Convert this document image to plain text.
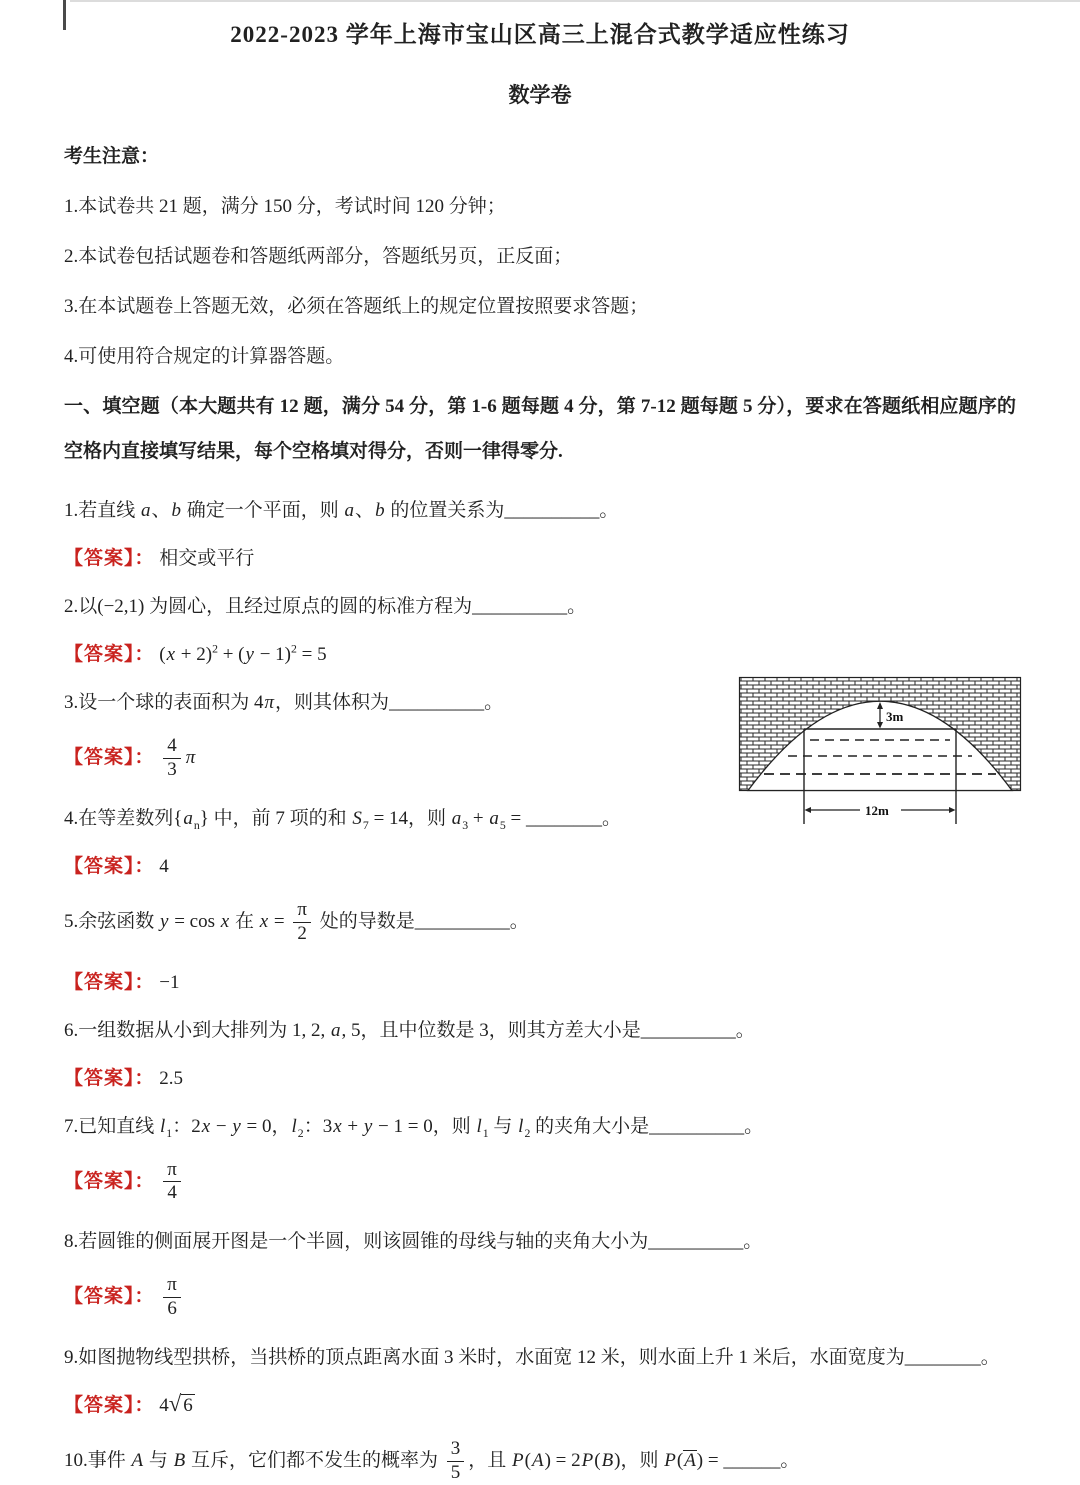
2022-2023 学年上海市宝山区高三上混合式教学适应性练习
数学卷
考生注意：
1.本试卷共 21 题，满分 150 分，考试时间 120 分钟；
2.本试卷包括试题卷和答题纸两部分，答题纸另页，正反面；
3.在本试题卷上答题无效，必须在答题纸上的规定位置按照要求答题；
4.可使用符合规定的计算器答题。
一、填空题（本大题共有 12 题，满分 54 分，第 1-6 题每题 4 分，第 7-12 题每题 5 分），要求在答题纸相应题序的空格内直接填写结果，每个空格填对得分，否则一律得零分.
1.若直线 a、b 确定一个平面，则 a、b 的位置关系为__________。
【答案】： 相交或平行
2.以(−2,1) 为圆心，且经过原点的圆的标准方程为__________。
【答案】： $(x + 2)^2 + (y - 1)^2 = 5$
3.设一个球的表面积为 4π，则其体积为__________。
【答案】： $\frac{4}{3}$ π
4.在等差数列$\{a_n\}$ 中，前 7 项的和 $S_7 = 14$，则 $a_3 + a_5$ = ________。
【答案】： 4
5.余弦函数 y = cos x 在 $x = \frac{\pi}{2}$ 处的导数是__________。
【答案】： −1
6.一组数据从小到大排列为 1, 2, a, 5，且中位数是 3，则其方差大小是__________。
【答案】： 2.5
7.已知直线 $l_1$：2x − y = 0，$l_2$：3x + y − 1 = 0，则 $l_1$ 与 $l_2$ 的夹角大小是__________。
【答案】： $\frac{\pi}{4}$
8.若圆锥的侧面展开图是一个半圆，则该圆锥的母线与轴的夹角大小为__________。
【答案】： $\frac{\pi}{6}$
9.如图抛物线型拱桥，当拱桥的顶点距离水面 3 米时，水面宽 12 米，则水面上升 1 米后，水面宽度为________。
【答案】： 4√ 6
10.事件 A 与 B 互斥，它们都不发生的概率为 $\frac{3}{5}$ ，且 P(A) = 2P(B)，则 P(A) = ______。
3m
12m
